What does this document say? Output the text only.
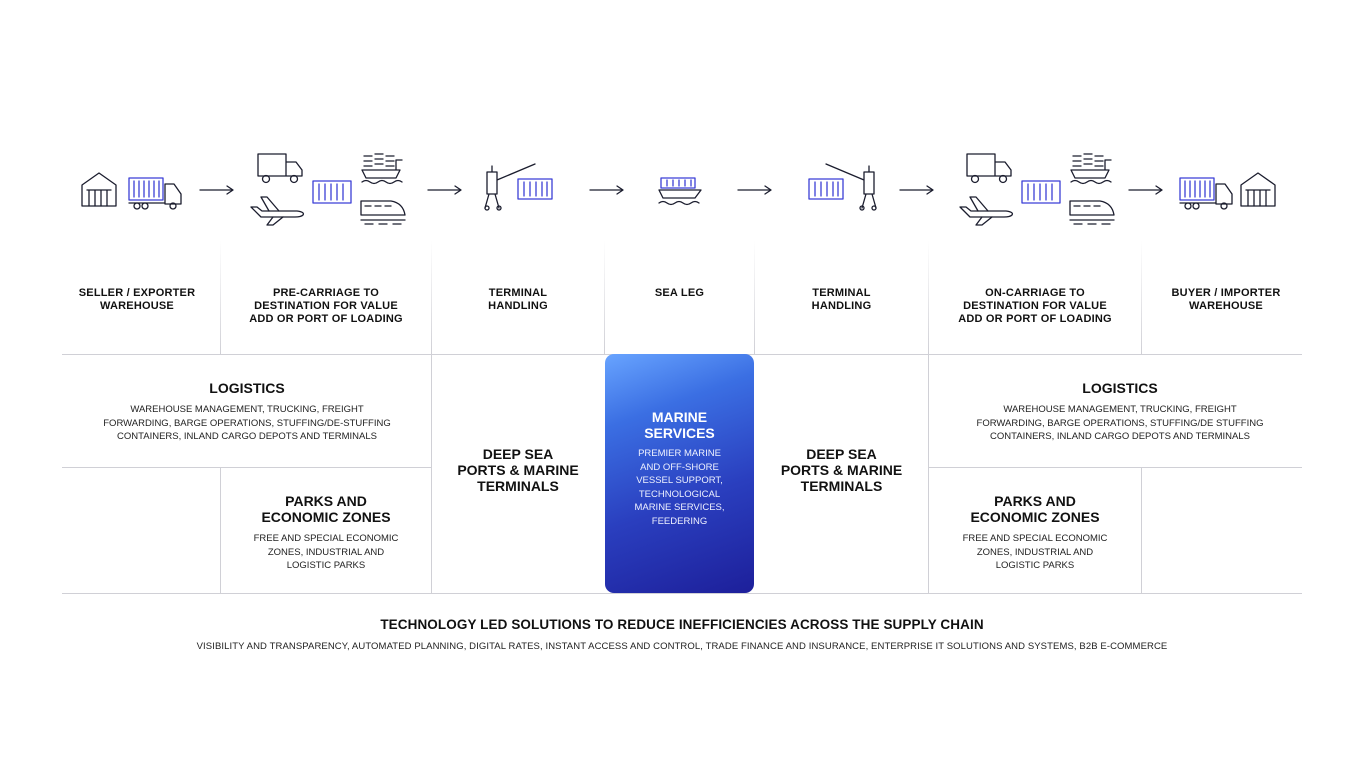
SELLER / EXPORTER
WAREHOUSE
PRE-CARRIAGE TO
DESTINATION FOR VALUE
ADD OR PORT OF LOADING
TERMINAL
HANDLING
SEA LEG	TERMINAL
HANDLING
ON-CARRIAGE TO
DESTINATION FOR VALUE
ADD OR PORT OF LOADING
BUYER / IMPORTER
WAREHOUSE

LOGISTICS

WAREHOUSE MANAGEMENT, TRUCKING, FREIGHT
FORWARDING, BARGE OPERATIONS, STUFFING/DE-STUFFING
CONTAINERS, INLAND CARGO DEPOTS AND TERMINALS

LOGISTICS

WAREHOUSE MANAGEMENT, TRUCKING, FREIGHT
FORWARDING, BARGE OPERATIONS, STUFFING/DE STUFFING
CONTAINERS, INLAND CARGO DEPOTS AND TERMINALS

PARKS AND
ECONOMIC ZONES

FREE AND SPECIAL ECONOMIC
ZONES, INDUSTRIAL AND
LOGISTIC PARKS

PARKS AND
ECONOMIC ZONES

FREE AND SPECIAL ECONOMIC
ZONES, INDUSTRIAL AND
LOGISTIC PARKS

DEEP SEA
PORTS & MARINE
TERMINALS

DEEP SEA
PORTS & MARINE
TERMINALS

MARINE
SERVICES

PREMIER MARINE
AND OFF-SHORE
VESSEL SUPPORT,
TECHNOLOGICAL
MARINE SERVICES,
FEEDERING

TECHNOLOGY LED SOLUTIONS TO REDUCE INEFFICIENCIES ACROSS THE SUPPLY CHAIN
VISIBILITY AND TRANSPARENCY, AUTOMATED PLANNING, DIGITAL RATES, INSTANT ACCESS AND CONTROL, TRADE FINANCE AND INSURANCE, ENTERPRISE IT SOLUTIONS AND SYSTEMS, B2B E-COMMERCE
